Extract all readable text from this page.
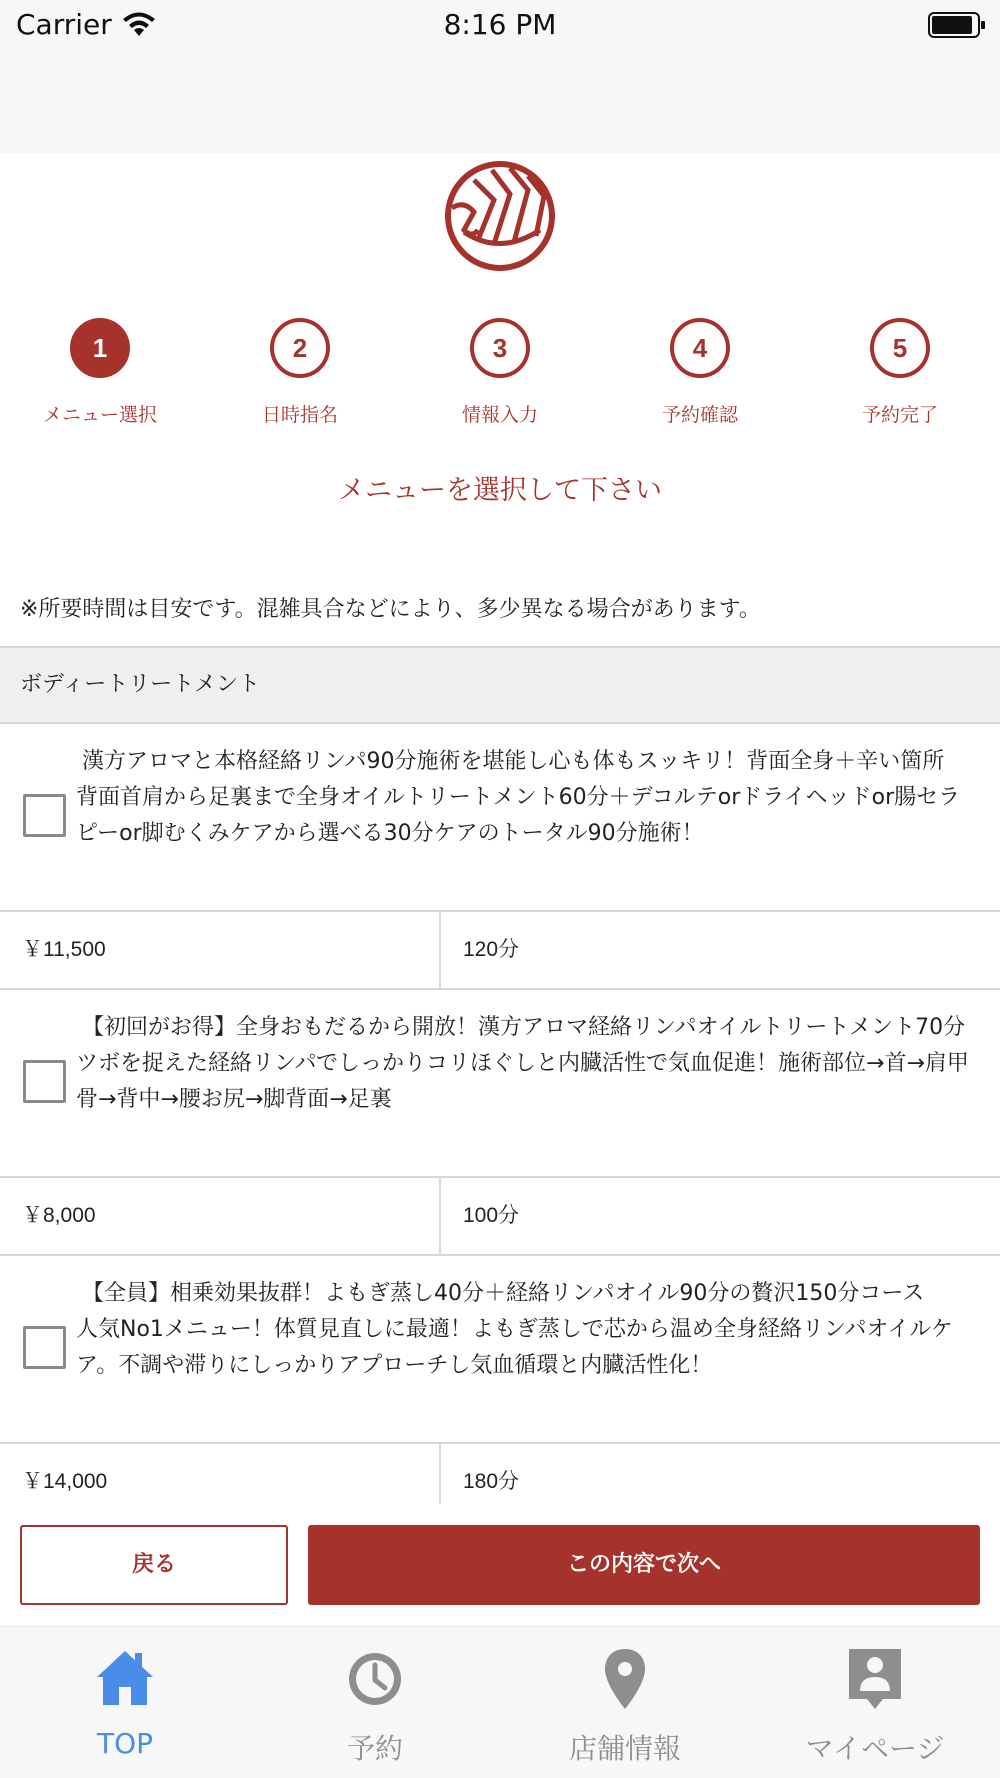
Carrier	8:16 PM
1
メニュー選択
2
日時指名
3
情報入力
4
予約確認
5
予約完了
メニューを選択して下さい
※所要時間は目安です。混雑具合などにより、多少異なる場合があります。
ボディートリートメント
漢方アロマと本格経絡リンパ90分施術を堪能し心も体もスッキリ！背面全身＋辛い箇所
背面首肩から足裏まで全身オイルトリートメント60分＋デコルテorドライヘッドor腸セラピーor脚むくみケアから選べる30分ケアのトータル90分施術！
￥11,500	120分
【初回がお得】全身おもだるから開放！漢方アロマ経絡リンパオイルトリートメント70分
ツボを捉えた経絡リンパでしっかりコリほぐしと内臓活性で気血促進！施術部位→首→肩甲骨→背中→腰お尻→脚背面→足裏
￥8,000	100分
【全員】相乗効果抜群！よもぎ蒸し40分＋経絡リンパオイル90分の贅沢150分コース
人気No1メニュー！体質見直しに最適！よもぎ蒸しで芯から温め全身経絡リンパオイルケア。不調や滞りにしっかりアプローチし気血循環と内臓活性化！
￥14,000	180分
戻る	この内容で次へ
TOP	予約	店舗情報	マイページ
